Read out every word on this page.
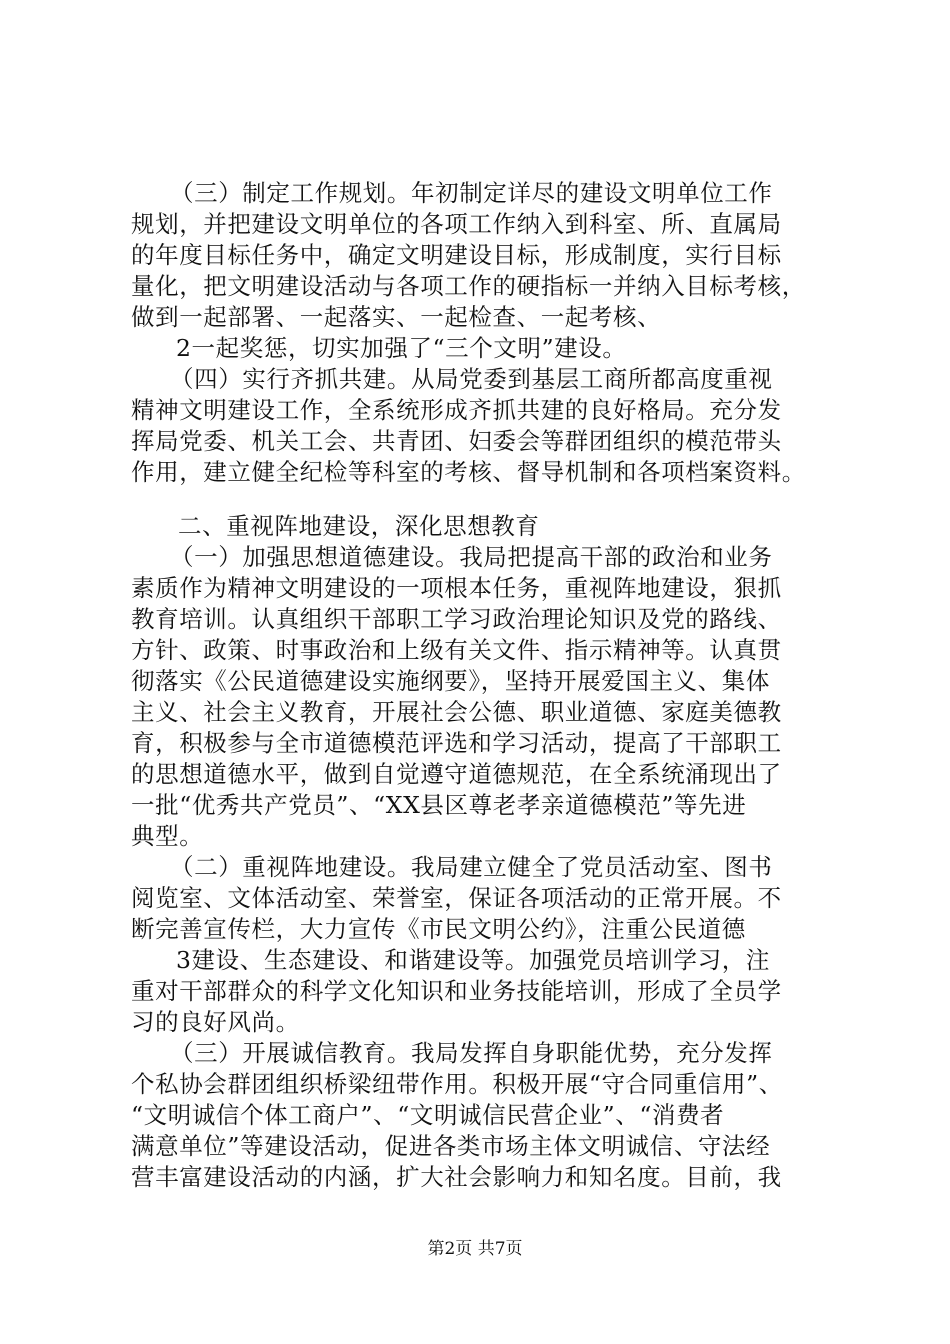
（三）制定工作规划。年初制定详尽的建设文明单位工作

规划，并把建设文明单位的各项工作纳入到科室、所、直属局

的年度目标任务中，确定文明建设目标，形成制度，实行目标

量化，把文明建设活动与各项工作的硬指标一并纳入目标考核，

做到一起部署、一起落实、一起检查、一起考核、

2一起奖惩，切实加强了“三个文明”建设。

（四）实行齐抓共建。从局党委到基层工商所都高度重视

精神文明建设工作，全系统形成齐抓共建的良好格局。充分发

挥局党委、机关工会、共青团、妇委会等群团组织的模范带头

作用，建立健全纪检等科室的考核、督导机制和各项档案资料。

二、重视阵地建设，深化思想教育

（一）加强思想道德建设。我局把提高干部的政治和业务

素质作为精神文明建设的一项根本任务，重视阵地建设，狠抓

教育培训。认真组织干部职工学习政治理论知识及党的路线、

方针、政策、时事政治和上级有关文件、指示精神等。认真贯

彻落实《公民道德建设实施纲要》，坚持开展爱国主义、集体

主义、社会主义教育，开展社会公德、职业道德、家庭美德教

育，积极参与全市道德模范评选和学习活动，提高了干部职工

的思想道德水平，做到自觉遵守道德规范，在全系统涌现出了

一批“优秀共产党员”、“XX县区尊老孝亲道德模范”等先进

典型。

（二）重视阵地建设。我局建立健全了党员活动室、图书

阅览室、文体活动室、荣誉室，保证各项活动的正常开展。不

断完善宣传栏，大力宣传《市民文明公约》，注重公民道德

3建设、生态建设、和谐建设等。加强党员培训学习，注

重对干部群众的科学文化知识和业务技能培训，形成了全员学

习的良好风尚。

（三）开展诚信教育。我局发挥自身职能优势，充分发挥

个私协会群团组织桥梁纽带作用。积极开展“守合同重信用”、

“文明诚信个体工商户”、“文明诚信民营企业”、“消费者

满意单位”等建设活动，促进各类市场主体文明诚信、守法经

营丰富建设活动的内涵，扩大社会影响力和知名度。目前，我

第2页 共7页
